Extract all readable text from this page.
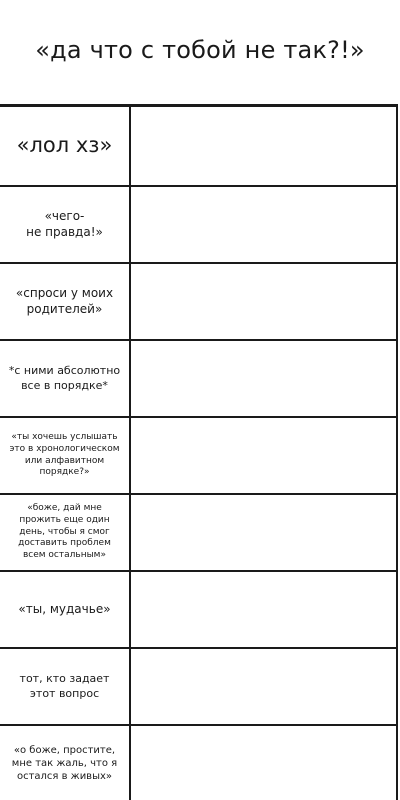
«да что с тобой не так?!»
«лол хз»
«чего-
не правда!»
«спроси у моих
родителей»
*с ними абсолютно
все в порядке*
«ты хочешь услышать
это в хронологическом
или алфавитном
порядке?»
«боже, дай мне
прожить еще один
день, чтобы я смог
доставить проблем
всем остальным»
«ты, мудачье»
тот, кто задает
этот вопрос
«о боже, простите,
мне так жаль, что я
остался в живых»
